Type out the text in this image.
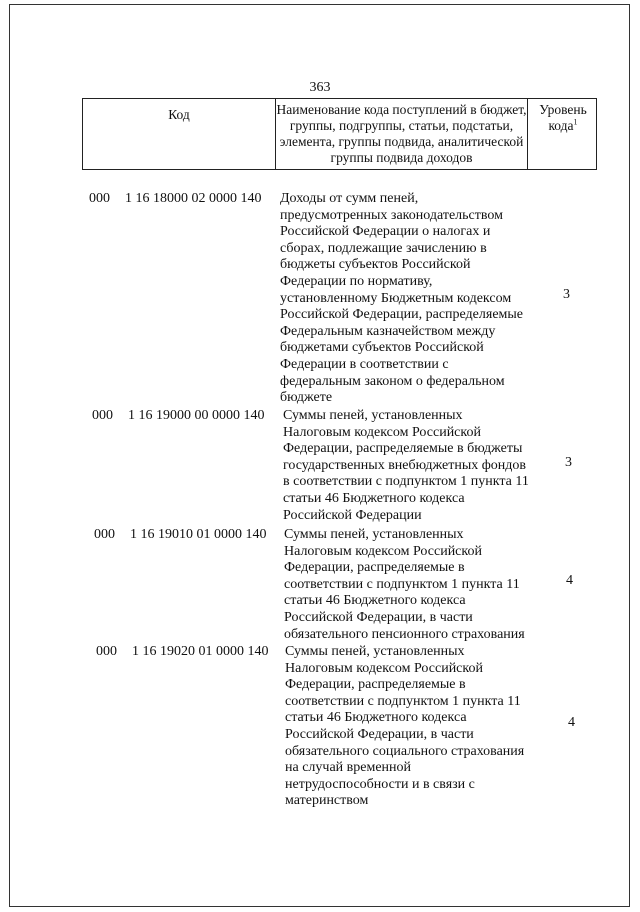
363
Код	Наименование кода поступлений в бюджет, группы, подгруппы, статьи, подстатьи, элемента, группы подвида, аналитической группы подвида доходов
Уровень кода$^1$
000 1 16 18000 02 0000 140 Доходы от сумм пеней,
предусмотренных законодательством
Российской Федерации о налогах и
сборах, подлежащие зачислению в
бюджеты субъектов Российской
Федерации по нормативу,
установленному Бюджетным кодексом
Российской Федерации, распределяемые
Федеральным казначейством между
бюджетами субъектов Российской
Федерации в соответствии с
федеральным законом о федеральном
бюджете
3
000 1 16 19000 00 0000 140 Суммы пеней, установленных
Налоговым кодексом Российской
Федерации, распределяемые в бюджеты
государственных внебюджетных фондов
в соответствии с подпунктом 1 пункта 11
статьи 46 Бюджетного кодекса
Российской Федерации
3
000 1 16 19010 01 0000 140 Суммы пеней, установленных
Налоговым кодексом Российской
Федерации, распределяемые в
соответствии с подпунктом 1 пункта 11
статьи 46 Бюджетного кодекса
Российской Федерации, в части
обязательного пенсионного страхования
4
000 1 16 19020 01 0000 140 Суммы пеней, установленных
Налоговым кодексом Российской
Федерации, распределяемые в
соответствии с подпунктом 1 пункта 11
статьи 46 Бюджетного кодекса
Российской Федерации, в части
обязательного социального страхования
на случай временной
нетрудоспособности и в связи с
материнством
4
